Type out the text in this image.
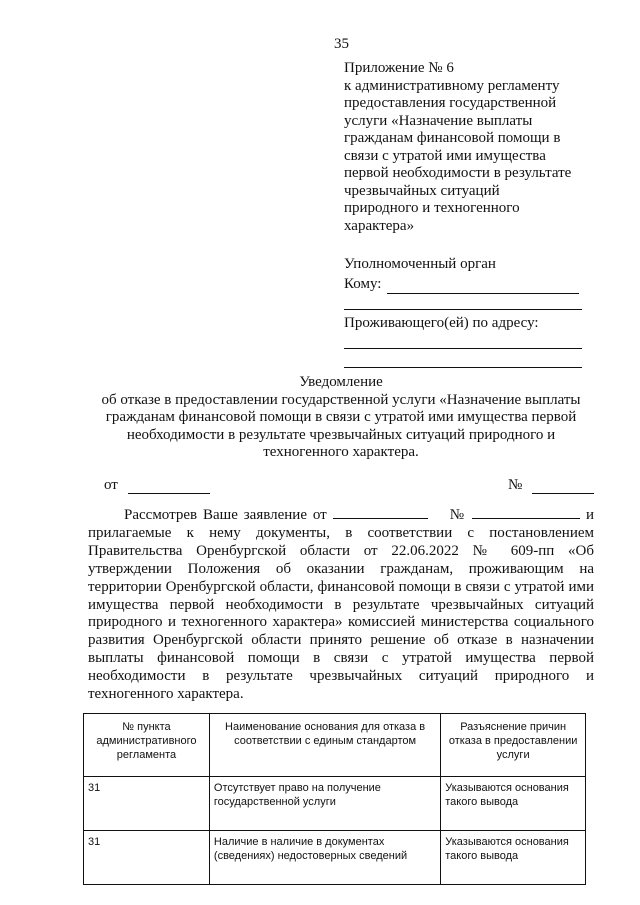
35
Приложение № 6
к административному регламенту
предоставления государственной
услуги «Назначение выплаты
гражданам финансовой помощи в
связи с утратой ими имущества
первой необходимости в результате
чрезвычайных ситуаций
природного и техногенного
характера»
Уполномоченный орган
Кому:
Проживающего(ей) по адресу:
Уведомление
об отказе в предоставлении государственной услуги «Назначение выплаты
гражданам финансовой помощи в связи с утратой ими имущества первой
необходимости в результате чрезвычайных ситуаций природного и
техногенного характера.
от	№
Рассмотрев Ваше заявление от	№	и прилагаемые к нему документы, в соответствии с постановлением Правительства Оренбургской области от 22.06.2022 № 609-пп «Об утверждении Положения об оказании гражданам, проживающим на территории Оренбургской области, финансовой помощи в связи с утратой ими имущества первой необходимости в результате чрезвычайных ситуаций природного и техногенного характера» комиссией министерства социального развития Оренбургской области принято решение об отказе в назначении выплаты финансовой помощи в связи с утратой имущества первой необходимости в результате чрезвычайных ситуаций природного и техногенного характера.
№ пункта административного регламента	Наименование основания для отказа в соответствии с единым стандартом	Разъяснение причин отказа в предоставлении услуги
31	Отсутствует право на получение государственной услуги	Указываются основания такого вывода
31	Наличие в наличие в документах (сведениях) недостоверных сведений	Указываются основания такого вывода
